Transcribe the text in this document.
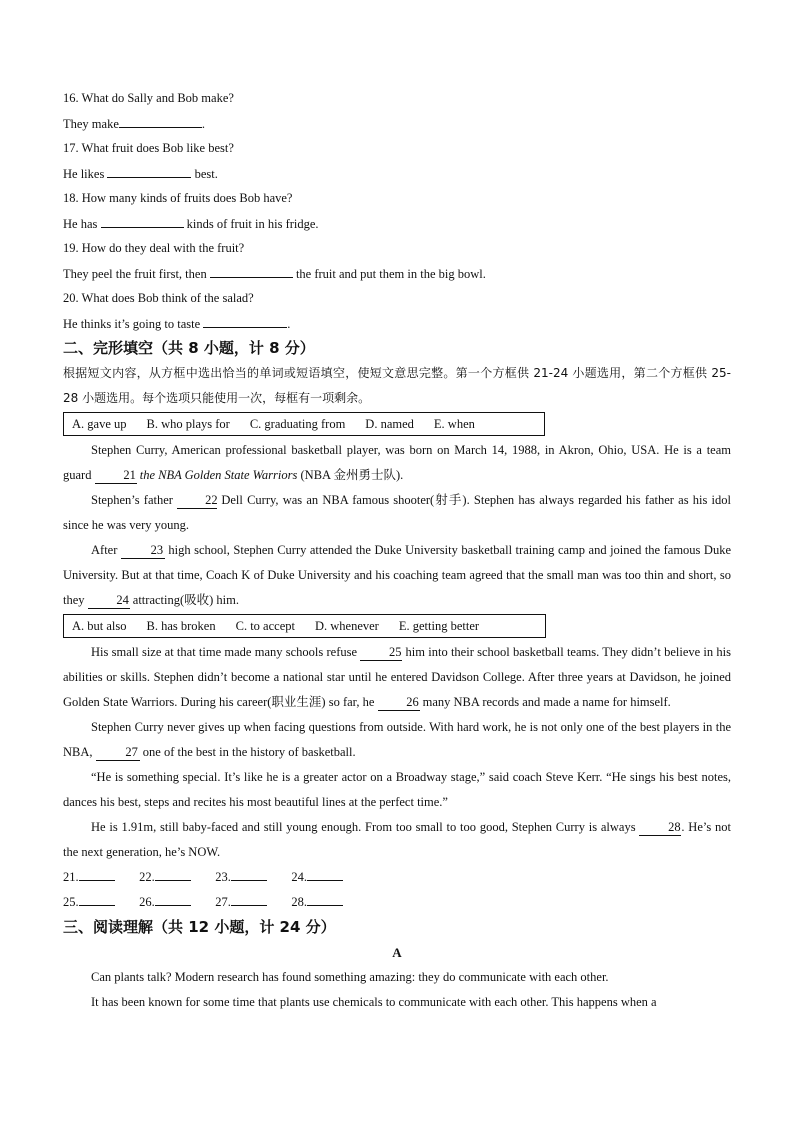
16. What do Sally and Bob make?
They make	.
17. What fruit does Bob like best?
He likes	best.
18. How many kinds of fruits does Bob have?
He has	kinds of fruit in his fridge.
19. How do they deal with the fruit?
They peel the fruit first, then	the fruit and put them in the big bowl.
20. What does Bob think of the salad?
He thinks it’s going to taste	.
二、完形填空（共 8 小题，计 8 分）
根据短文内容，从方框中选出恰当的单词或短语填空，使短文意思完整。第一个方框供 21-24 小题选用，第二个方框供 25-28 小题选用。每个选项只能使用一次，每框有一项剩余。
A. gave up B. who plays for C. graduating from D. named E. when
Stephen Curry, American professional basketball player, was born on March 14, 1988, in Akron, Ohio, USA. He is a team guard 21 the NBA Golden State Warriors (NBA 金州勇士队).
Stephen’s father 22 Dell Curry, was an NBA famous shooter(射手). Stephen has always regarded his father as his idol since he was very young.
After 23 high school, Stephen Curry attended the Duke University basketball training camp and joined the famous Duke University. But at that time, Coach K of Duke University and his coaching team agreed that the small man was too thin and short, so they 24 attracting(吸收) him.
A. but also B. has broken C. to accept D. whenever E. getting better
His small size at that time made many schools refuse 25 him into their school basketball teams. They didn’t believe in his abilities or skills. Stephen didn’t become a national star until he entered Davidson College. After three years at Davidson, he joined Golden State Warriors. During his career(职业生涯) so far, he 26 many NBA records and made a name for himself.
Stephen Curry never gives up when facing questions from outside. With hard work, he is not only one of the best players in the NBA, 27 one of the best in the history of basketball.
“He is something special. It’s like he is a greater actor on a Broadway stage,” said coach Steve Kerr. “He sings his best notes, dances his best, steps and recites his most beautiful lines at the perfect time.”
He is 1.91m, still baby-faced and still young enough. From too small to too good, Stephen Curry is always 28. He’s not the next generation, he’s NOW.
21.	22.	23.	24.
25.	26.	27.	28.
三、阅读理解（共 12 小题，计 24 分）
A
Can plants talk? Modern research has found something amazing: they do communicate with each other.
It has been known for some time that plants use chemicals to communicate with each other. This happens when a
